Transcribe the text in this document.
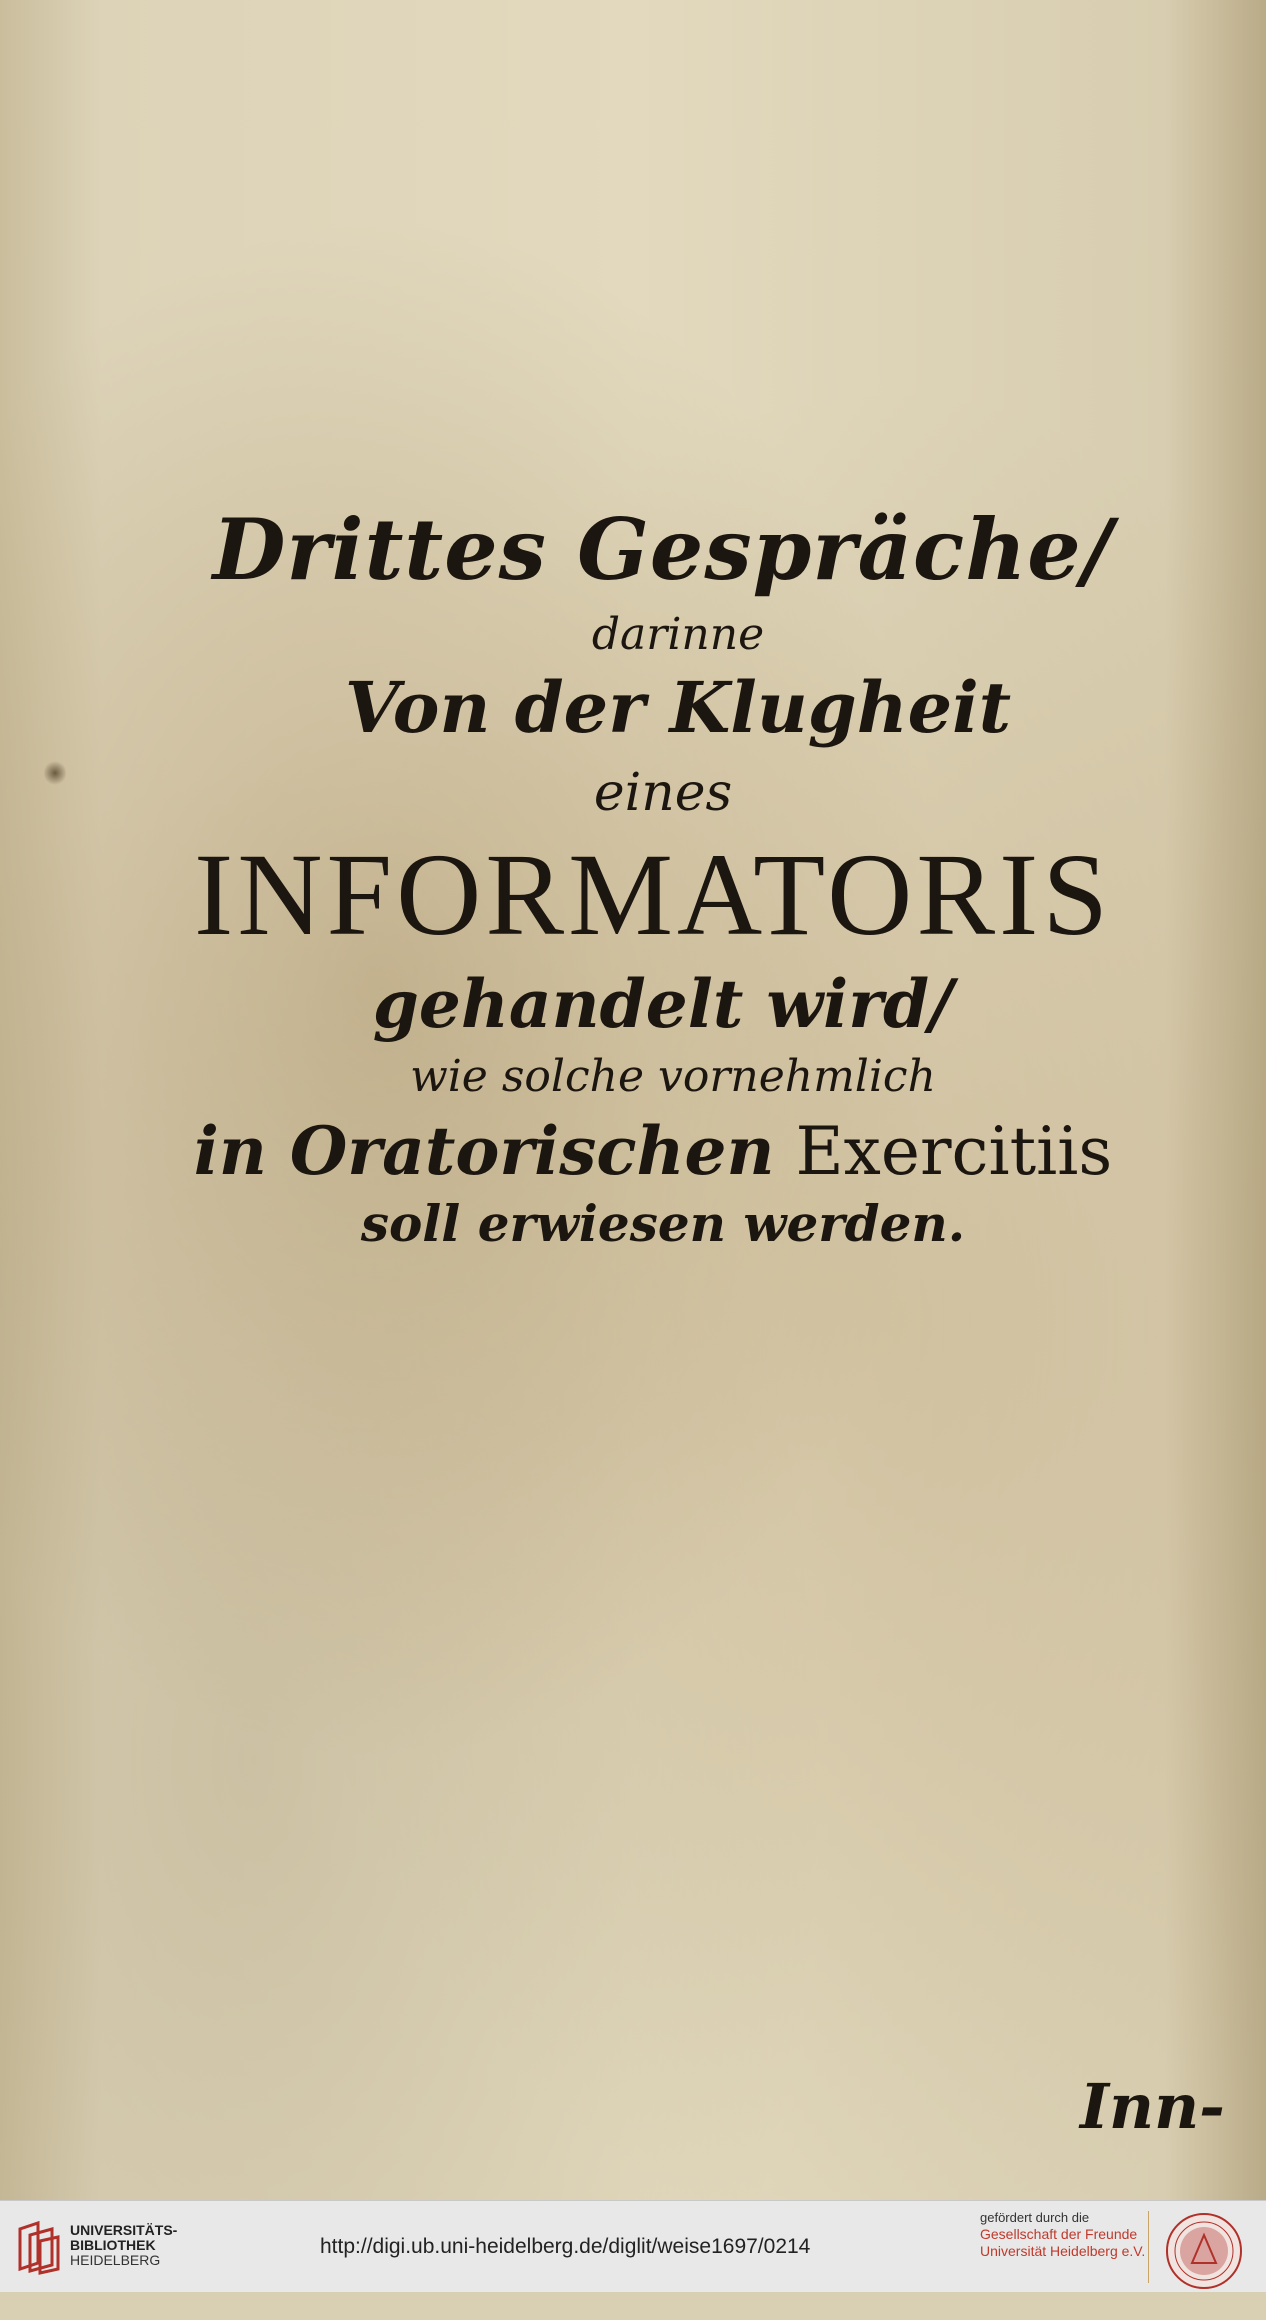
Drittes Gespräche/
darinne
Von der Klugheit
eines
INFORMATORIS
gehandelt wird/
wie solche vornehmlich
in Oratorischen Exercitiis
soll erwiesen werden.
Inn-
UNIVERSITÄTS-
BIBLIOTHEK
HEIDELBERG
http://digi.ub.uni-heidelberg.de/diglit/weise1697/0214
gefördert durch die
Gesellschaft der Freunde
Universität Heidelberg e.V.
